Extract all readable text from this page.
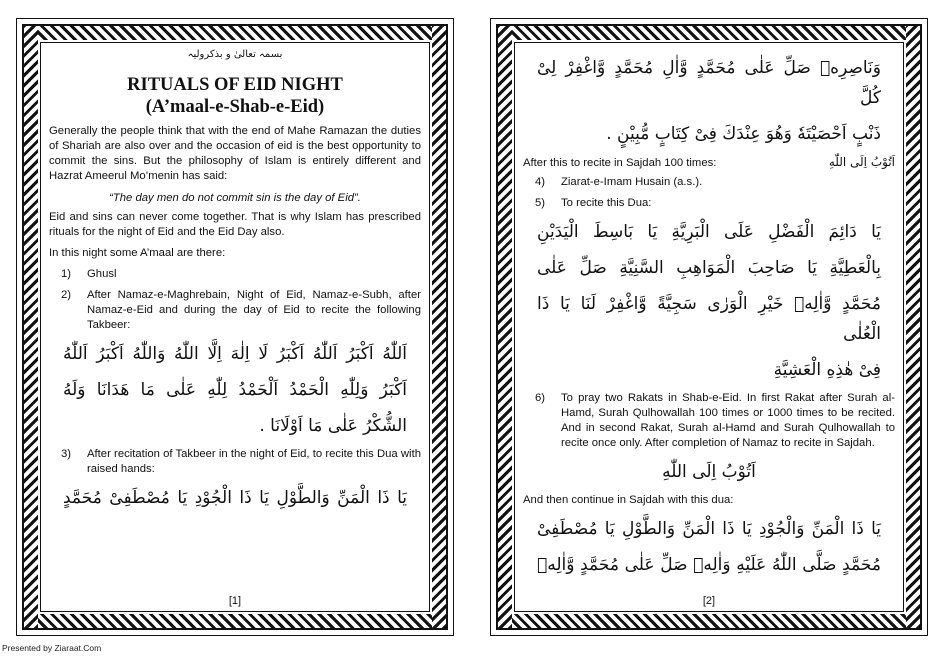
بسمہ تعالیٰ و بذکرولیہ
RITUALS OF EID NIGHT
(A’maal-e-Shab-e-Eid)

Generally the people think that with the end of Mahe Ramazan the duties of Shariah are also over and the occasion of eid is the best opportunity to commit the sins. But the philosophy of Islam is entirely different and Hazrat Ameerul Mo’menin has said:

“The day men do not commit sin is the day of Eid”.

Eid and sins can never come together. That is why Islam has prescribed rituals for the night of Eid and the Eid Day also.

In this night some A’maal are there:

1) Ghusl
2) After Namaz-e-Maghrebain, Night of Eid, Namaz-e-Subh, after Namaz-e-Eid and during the day of Eid to recite the following Takbeer:
اَللّٰهُ اَكْبَرُ اَللّٰهُ اَكْبَرُ لَا اِلٰهَ اِلَّا اللّٰهُ وَاللّٰهُ اَكْبَرُ اَللّٰهُ
اَكْبَرُ وَلِلّٰهِ الْحَمْدُ اَلْحَمْدُ لِلّٰهِ عَلٰى مَا هَدَانَا وَلَهُ
الشُّكْرُ عَلٰى مَا اَوْلَانَا .
3) After recitation of Takbeer in the night of Eid, to recite this Dua with raised hands:
يَا ذَا الْمَنِّ وَالطَّوْلِ يَا ذَا الْجُوْدِ يَا مُصْطَفِىْ مُحَمَّدٍ
[1]
وَنَاصِرِهٖ صَلِّ عَلٰى مُحَمَّدٍ وَّاٰلِ مُحَمَّدٍ وَّاغْفِرْ لِىْ كُلَّ
ذَنْبٍ اَحْصَيْتَهٗ وَهُوَ عِنْدَكَ فِىْ كِتَابٍ مُّبِيْنٍ .
After this to recite in Sajdah 100 times:	اَتُوْبُ اِلَى اللّٰهِ
4) Ziarat-e-Imam Husain (a.s.).
5) To recite this Dua:
يَا دَائِمَ الْفَضْلِ عَلَى الْبَرِيَّةِ يَا بَاسِطَ الْيَدَيْنِ
بِالْعَطِيَّةِ يَا صَاحِبَ الْمَوَاهِبِ السَّنِيَّةِ صَلِّ عَلٰى
مُحَمَّدٍ وَّاٰلِهٖ خَيْرِ الْوَرٰى سَجِيَّةً وَّاغْفِرْ لَنَا يَا ذَا الْعُلٰى
فِىْ هٰذِهِ الْعَشِيَّةِ
6) To pray two Rakats in Shab-e-Eid. In first Rakat after Surah al-Hamd, Surah Qulhowallah 100 times or 1000 times to be recited. And in second Rakat, Surah al-Hamd and Surah Qulhowallah to recite once only. After completion of Namaz to recite in Sajdah.
اَتُوْبُ اِلَى اللّٰهِ

And then continue in Sajdah with this dua:

يَا ذَا الْمَنِّ وَالْجُوْدِ يَا ذَا الْمَنِّ وَالطَّوْلِ يَا مُصْطَفِىْ
مُحَمَّدٍ صَلَّى اللّٰهُ عَلَيْهِ وَاٰلِهٖ صَلِّ عَلٰى مُحَمَّدٍ وَّاٰلِهٖ
[2]
Presented by Ziaraat.Com
